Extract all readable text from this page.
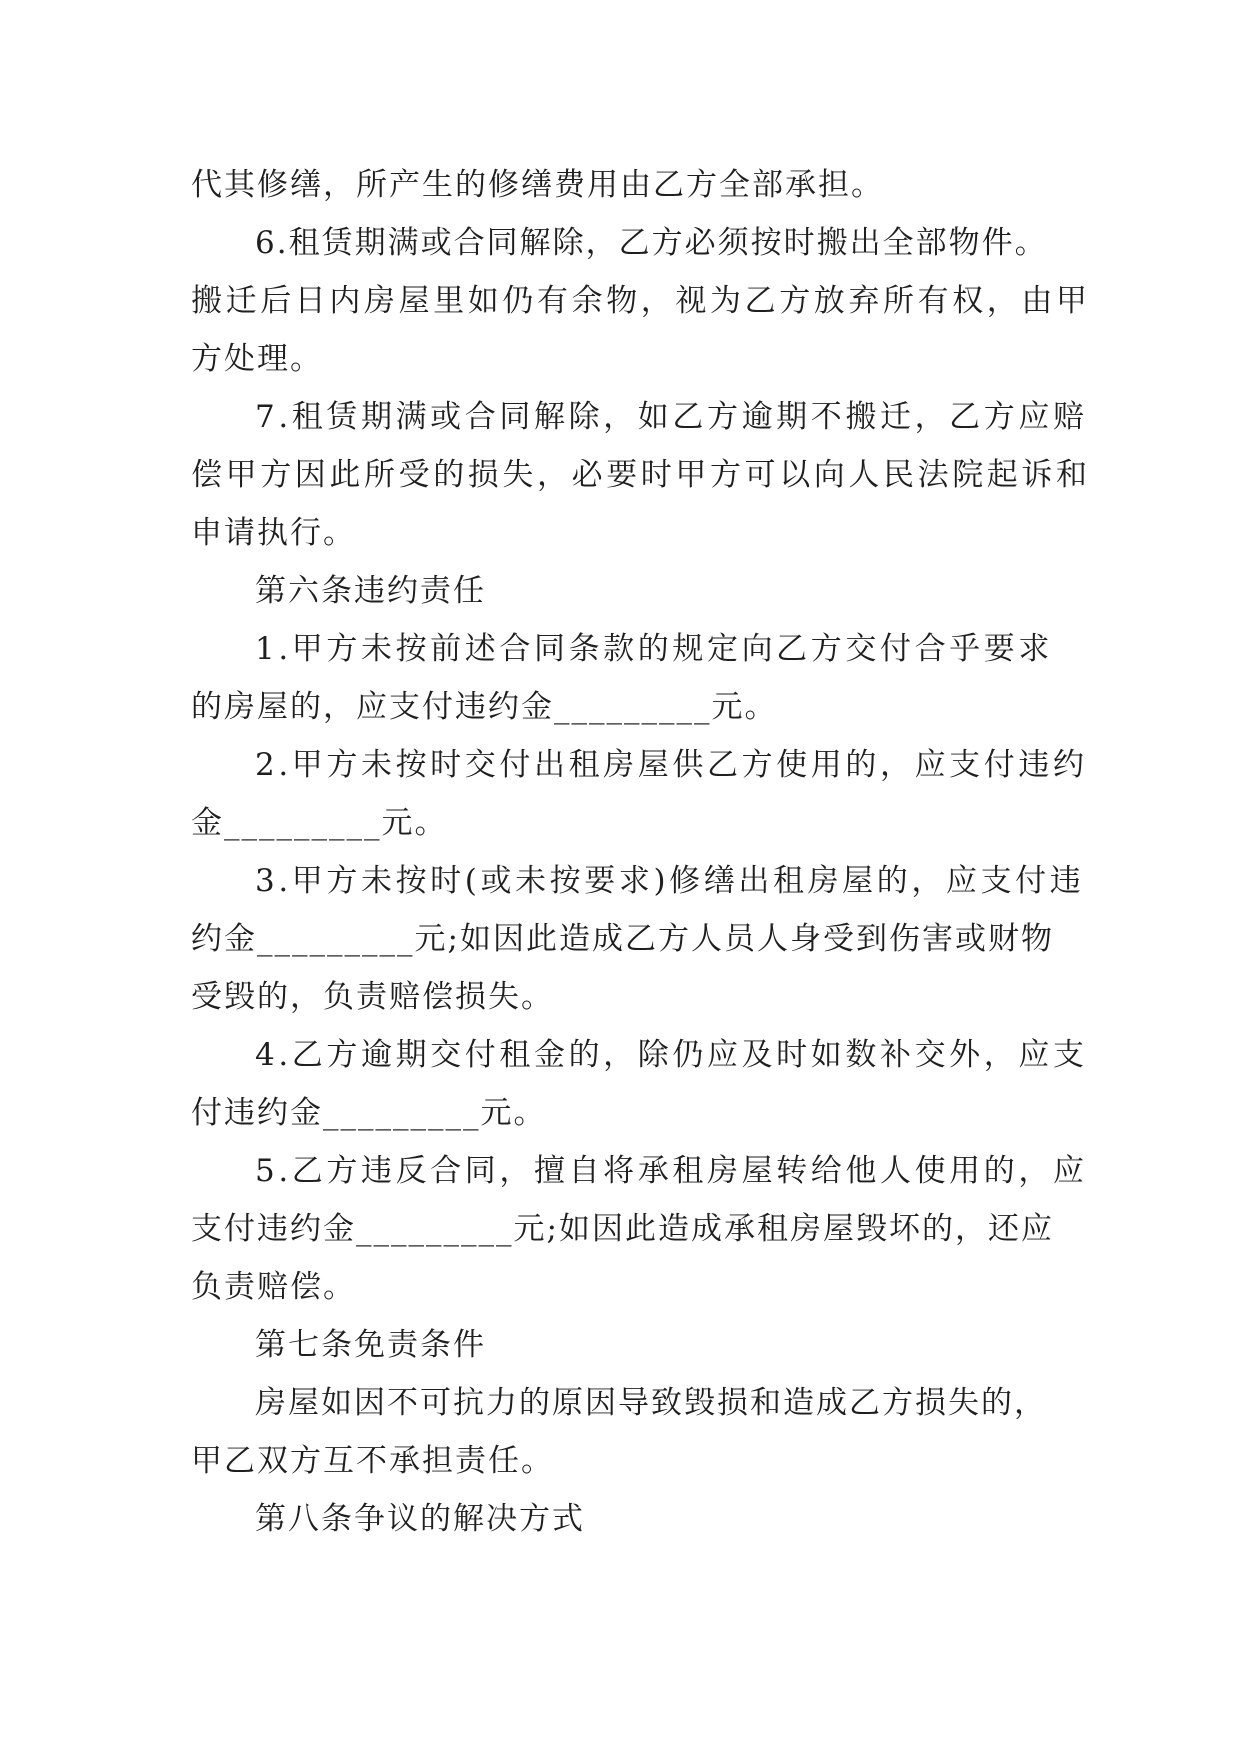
代其修缮，所产生的修缮费用由乙方全部承担。
6.租赁期满或合同解除，乙方必须按时搬出全部物件。
搬迁后日内房屋里如仍有余物，视为乙方放弃所有权，由甲
方处理。
7.租赁期满或合同解除，如乙方逾期不搬迁，乙方应赔
偿甲方因此所受的损失，必要时甲方可以向人民法院起诉和
申请执行。
第六条违约责任
1.甲方未按前述合同条款的规定向乙方交付合乎要求
的房屋的，应支付违约金_________元。
2.甲方未按时交付出租房屋供乙方使用的，应支付违约
金_________元。
3.甲方未按时(或未按要求)修缮出租房屋的，应支付违
约金_________元;如因此造成乙方人员人身受到伤害或财物
受毁的，负责赔偿损失。
4.乙方逾期交付租金的，除仍应及时如数补交外，应支
付违约金_________元。
5.乙方违反合同，擅自将承租房屋转给他人使用的，应
支付违约金_________元;如因此造成承租房屋毁坏的，还应
负责赔偿。
第七条免责条件
房屋如因不可抗力的原因导致毁损和造成乙方损失的，
甲乙双方互不承担责任。
第八条争议的解决方式
